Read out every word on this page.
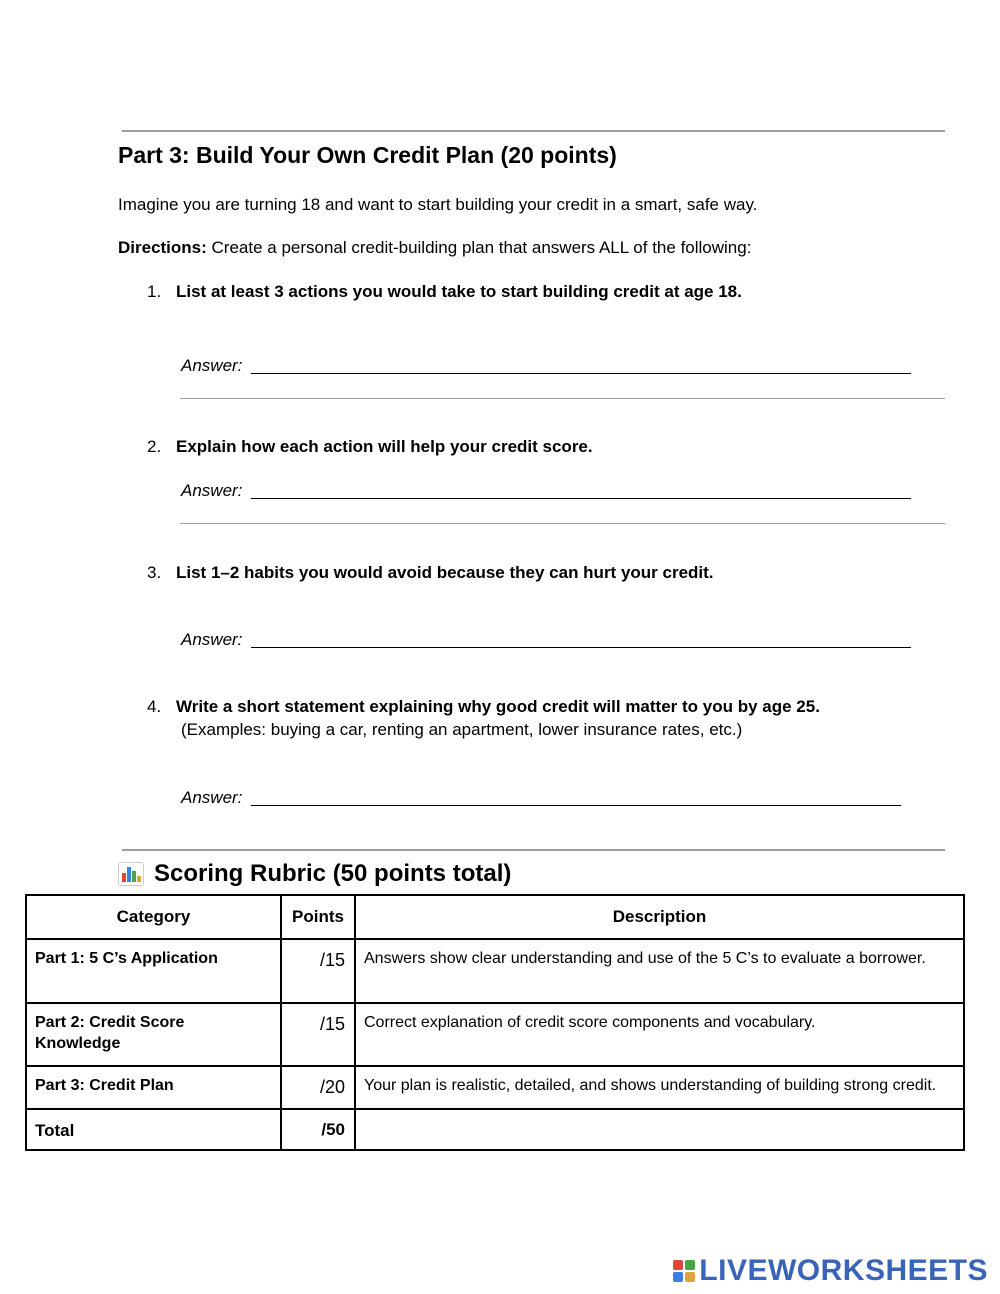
Part 3: Build Your Own Credit Plan (20 points)
Imagine you are turning 18 and want to start building your credit in a smart, safe way.
Directions: Create a personal credit-building plan that answers ALL of the following:
1. List at least 3 actions you would take to start building credit at age 18.
Answer:
2. Explain how each action will help your credit score.
Answer:
3. List 1–2 habits you would avoid because they can hurt your credit.
Answer:
4. Write a short statement explaining why good credit will matter to you by age 25.
(Examples: buying a car, renting an apartment, lower insurance rates, etc.)
Answer:
Scoring Rubric (50 points total)
Category	Points	Description
Part 1: 5 C’s Application	/15	Answers show clear understanding and use of the 5 C’s to evaluate a borrower.
Part 2: Credit Score Knowledge	/15	Correct explanation of credit score components and vocabulary.
Part 3: Credit Plan	/20	Your plan is realistic, detailed, and shows understanding of building strong credit.
Total	/50	
LIVEWORKSHEETS
